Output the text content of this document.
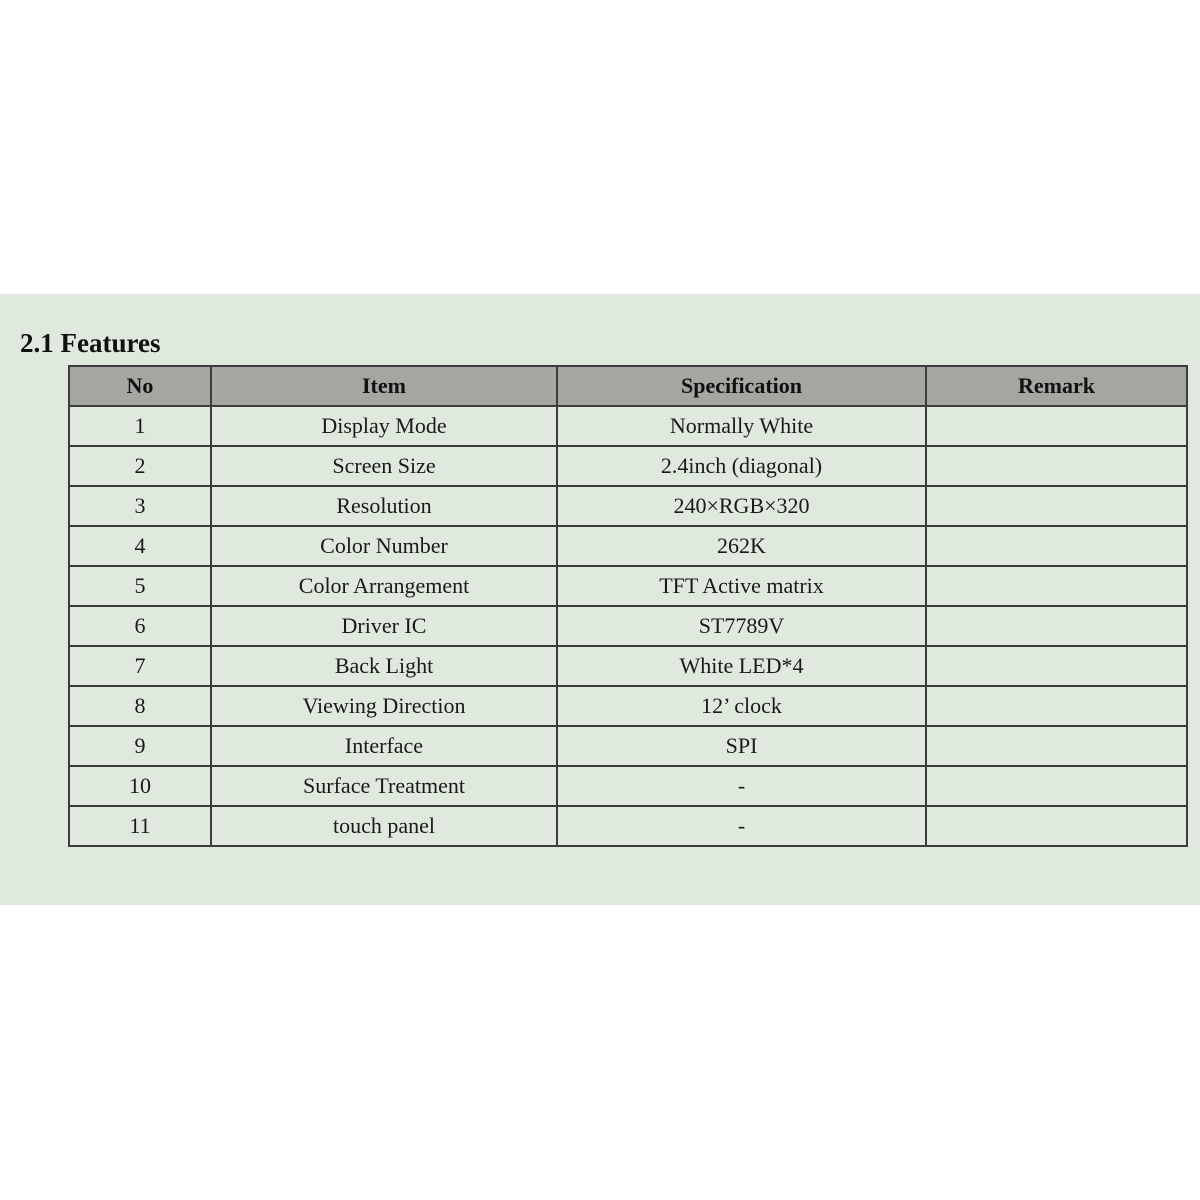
2.1 Features
No	Item	Specification	Remark
1	Display Mode	Normally White	
2	Screen Size	2.4inch (diagonal)	
3	Resolution	240×RGB×320	
4	Color Number	262K	
5	Color Arrangement	TFT Active matrix	
6	Driver IC	ST7789V	
7	Back Light	White LED*4	
8	Viewing Direction	12’ clock	
9	Interface	SPI	
10	Surface Treatment	-	
11	touch panel	-	
